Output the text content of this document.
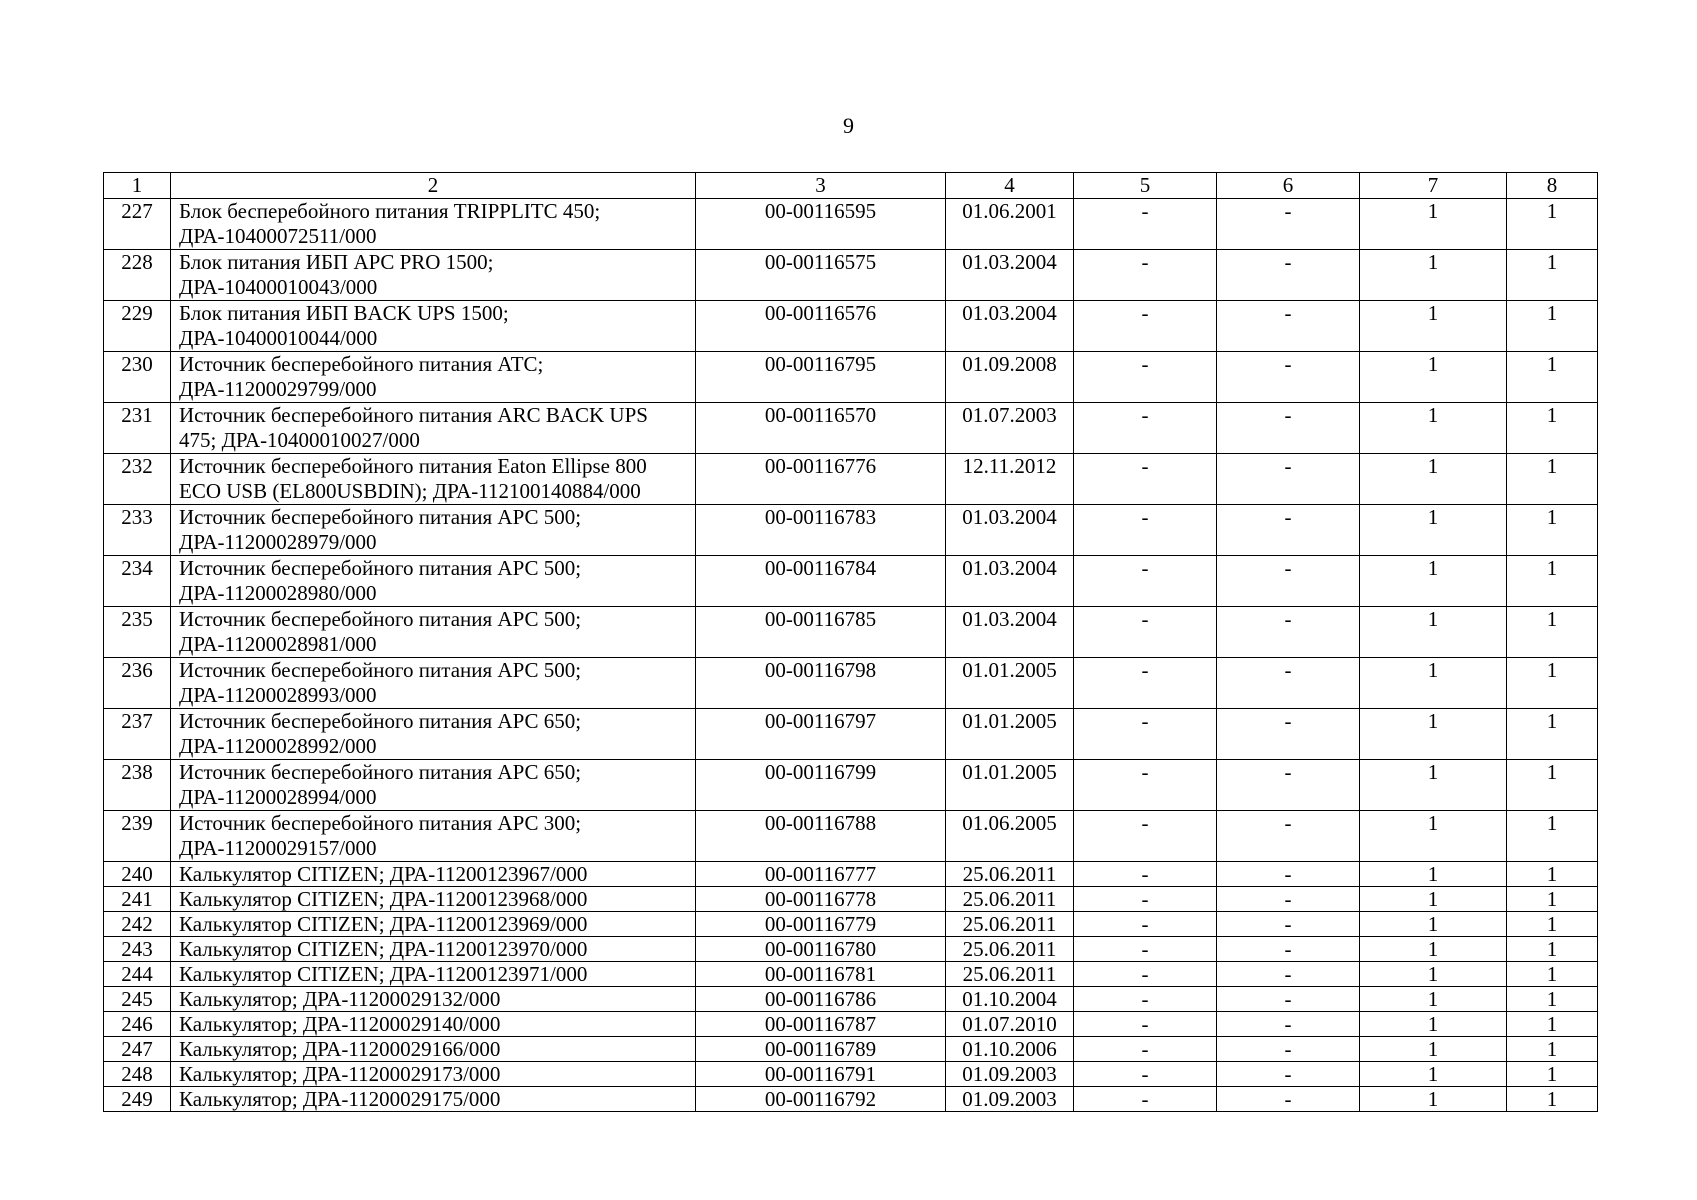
9
1	2	3	4	5	6	7	8
227	Блок бесперебойного питания TRIPPLITC 450; ДРА-10400072511/000	00-00116595	01.06.2001	-	-	1	1
228	Блок питания ИБП APC PRO 1500; ДРА-10400010043/000	00-00116575	01.03.2004	-	-	1	1
229	Блок питания ИБП BACK UPS 1500; ДРА-10400010044/000	00-00116576	01.03.2004	-	-	1	1
230	Источник бесперебойного питания АТС; ДРА-11200029799/000	00-00116795	01.09.2008	-	-	1	1
231	Источник бесперебойного питания ARC BACK UPS 475; ДРА-10400010027/000	00-00116570	01.07.2003	-	-	1	1
232	Источник бесперебойного питания Eaton Ellipse 800 ECO USB (EL800USBDIN); ДРА-112100140884/000	00-00116776	12.11.2012	-	-	1	1
233	Источник бесперебойного питания АРС 500; ДРА-11200028979/000	00-00116783	01.03.2004	-	-	1	1
234	Источник бесперебойного питания АРС 500; ДРА-11200028980/000	00-00116784	01.03.2004	-	-	1	1
235	Источник бесперебойного питания АРС 500; ДРА-11200028981/000	00-00116785	01.03.2004	-	-	1	1
236	Источник бесперебойного питания АРС 500; ДРА-11200028993/000	00-00116798	01.01.2005	-	-	1	1
237	Источник бесперебойного питания АРС 650; ДРА-11200028992/000	00-00116797	01.01.2005	-	-	1	1
238	Источник бесперебойного питания АРС 650; ДРА-11200028994/000	00-00116799	01.01.2005	-	-	1	1
239	Источник бесперебойного питания АРС 300; ДРА-11200029157/000	00-00116788	01.06.2005	-	-	1	1
240	Калькулятор CITIZEN; ДРА-11200123967/000	00-00116777	25.06.2011	-	-	1	1
241	Калькулятор CITIZEN; ДРА-11200123968/000	00-00116778	25.06.2011	-	-	1	1
242	Калькулятор CITIZEN; ДРА-11200123969/000	00-00116779	25.06.2011	-	-	1	1
243	Калькулятор CITIZEN; ДРА-11200123970/000	00-00116780	25.06.2011	-	-	1	1
244	Калькулятор CITIZEN; ДРА-11200123971/000	00-00116781	25.06.2011	-	-	1	1
245	Калькулятор; ДРА-11200029132/000	00-00116786	01.10.2004	-	-	1	1
246	Калькулятор; ДРА-11200029140/000	00-00116787	01.07.2010	-	-	1	1
247	Калькулятор; ДРА-11200029166/000	00-00116789	01.10.2006	-	-	1	1
248	Калькулятор; ДРА-11200029173/000	00-00116791	01.09.2003	-	-	1	1
249	Калькулятор; ДРА-11200029175/000	00-00116792	01.09.2003	-	-	1	1
